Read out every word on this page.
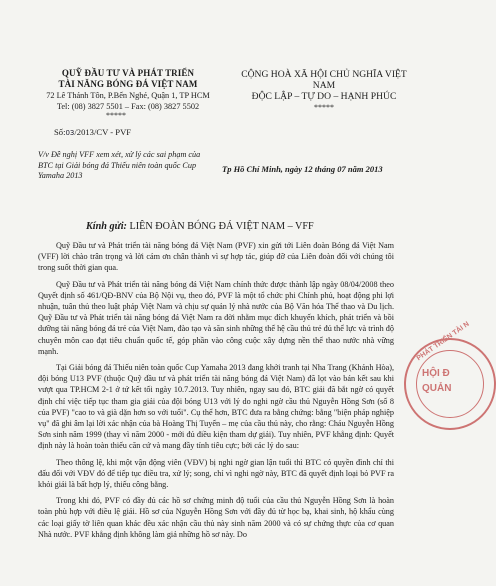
QUỸ ĐẦU TƯ VÀ PHÁT TRIỂN
TÀI NĂNG BÓNG ĐÁ VIỆT NAM
72 Lê Thánh Tôn, P.Bến Nghé, Quận 1, TP HCM
Tel: (08) 3827 5501 – Fax: (08) 3827 5502
CỘNG HOÀ XÃ HỘI CHỦ NGHĨA VIỆT NAM
ĐỘC LẬP – TỰ DO – HẠNH PHÚC
*****
*****
Số:03/2013/CV - PVF
V/v Đề nghị VFF xem xét, xử lý các sai phạm của BTC tại Giải bóng đá Thiếu niên toàn quốc Cup Yamaha 2013
Tp Hồ Chí Minh, ngày 12 tháng 07 năm 2013
Kính gửi: LIÊN ĐOÀN BÓNG ĐÁ VIỆT NAM – VFF

Quỹ Đầu tư và Phát triển tài năng bóng đá Việt Nam (PVF) xin gửi tới Liên đoàn Bóng đá Việt Nam (VFF) lời chào trân trọng và lời cám ơn chân thành vì sự hợp tác, giúp đỡ của Liên đoàn đối với chúng tôi trong suốt thời gian qua.

Quỹ Đầu tư và Phát triển tài năng bóng đá Việt Nam chính thức được thành lập ngày 08/04/2008 theo Quyết định số 461/QĐ-BNV của Bộ Nội vụ, theo đó, PVF là một tổ chức phi Chính phủ, hoạt động phi lợi nhuận, tuân thủ theo luật pháp Việt Nam và chịu sự quản lý nhà nước của Bộ Văn hóa Thể thao và Du lịch. Quỹ Đầu tư và Phát triển tài năng bóng đá Việt Nam ra đời nhằm mục đích khuyến khích, phát triển và bồi dưỡng tài năng bóng đá trẻ của Việt Nam, đào tạo và săn sinh những thế hệ cầu thủ trẻ đủ thể lực và trình độ chuyên môn cao đạt tiêu chuẩn quốc tế, góp phần vào công cuộc xây dựng nền thể thao nước nhà vững mạnh.

Tại Giải bóng đá Thiếu niên toàn quốc Cup Yamaha 2013 đang khởi tranh tại Nha Trang (Khánh Hòa), đội bóng U13 PVF (thuộc Quỹ đầu tư và phát triển tài năng bóng đá Việt Nam) đã lọt vào bán kết sau khi vượt qua TP.HCM 2-1 ở tứ kết tối ngày 10.7.2013. Tuy nhiên, ngay sau đó, BTC giải đã bắt ngờ có quyết định chỉ việc tiếp tục tham gia giải của đội bóng U13 với lý do nghi ngờ cầu thủ Nguyễn Hồng Sơn (số 8 của PVF) "cao to và già dặn hơn so với tuổi". Cụ thể hơn, BTC đưa ra bằng chứng: bằng "biện pháp nghiệp vụ" đã ghi âm lại lời xác nhận của bà Hoàng Thị Tuyến – mẹ của cầu thủ này, cho rằng: Cháu Nguyễn Hồng Sơn sinh năm 1999 (thay vì năm 2000 - mới đủ điều kiện tham dự giải). Tuy nhiên, PVF khẳng định: Quyết định này là hoàn toàn thiếu căn cứ và mang đầy tính tiêu cực; bởi các lý do sau:

Theo thông lệ, khi một vận động viên (VĐV) bị nghi ngờ gian lận tuổi thì BTC có quyền đình chỉ thi đấu đối với VĐV đó để tiếp tục điều tra, xử lý; song, chỉ vì nghi ngờ này, BTC đã quyết định loại bỏ PVF ra khỏi giải là bất hợp lý, thiếu công bằng.

Trong khi đó, PVF có đầy đủ các hồ sơ chứng minh độ tuổi của cầu thủ Nguyễn Hồng Sơn là hoàn toàn phù hợp với điều lệ giải. Hồ sơ của Nguyễn Hồng Sơn với đầy đủ từ học bạ, khai sinh, hộ khẩu cùng các loại giấy tờ liên quan khác đều xác nhận cầu thủ này sinh năm 2000 và có sự chứng thực của cơ quan Nhà nước. PVF khẳng định không làm giả những hồ sơ này. Do

PHÁT TRIỂN TÀI N
HỘI Đ
QUẢN
